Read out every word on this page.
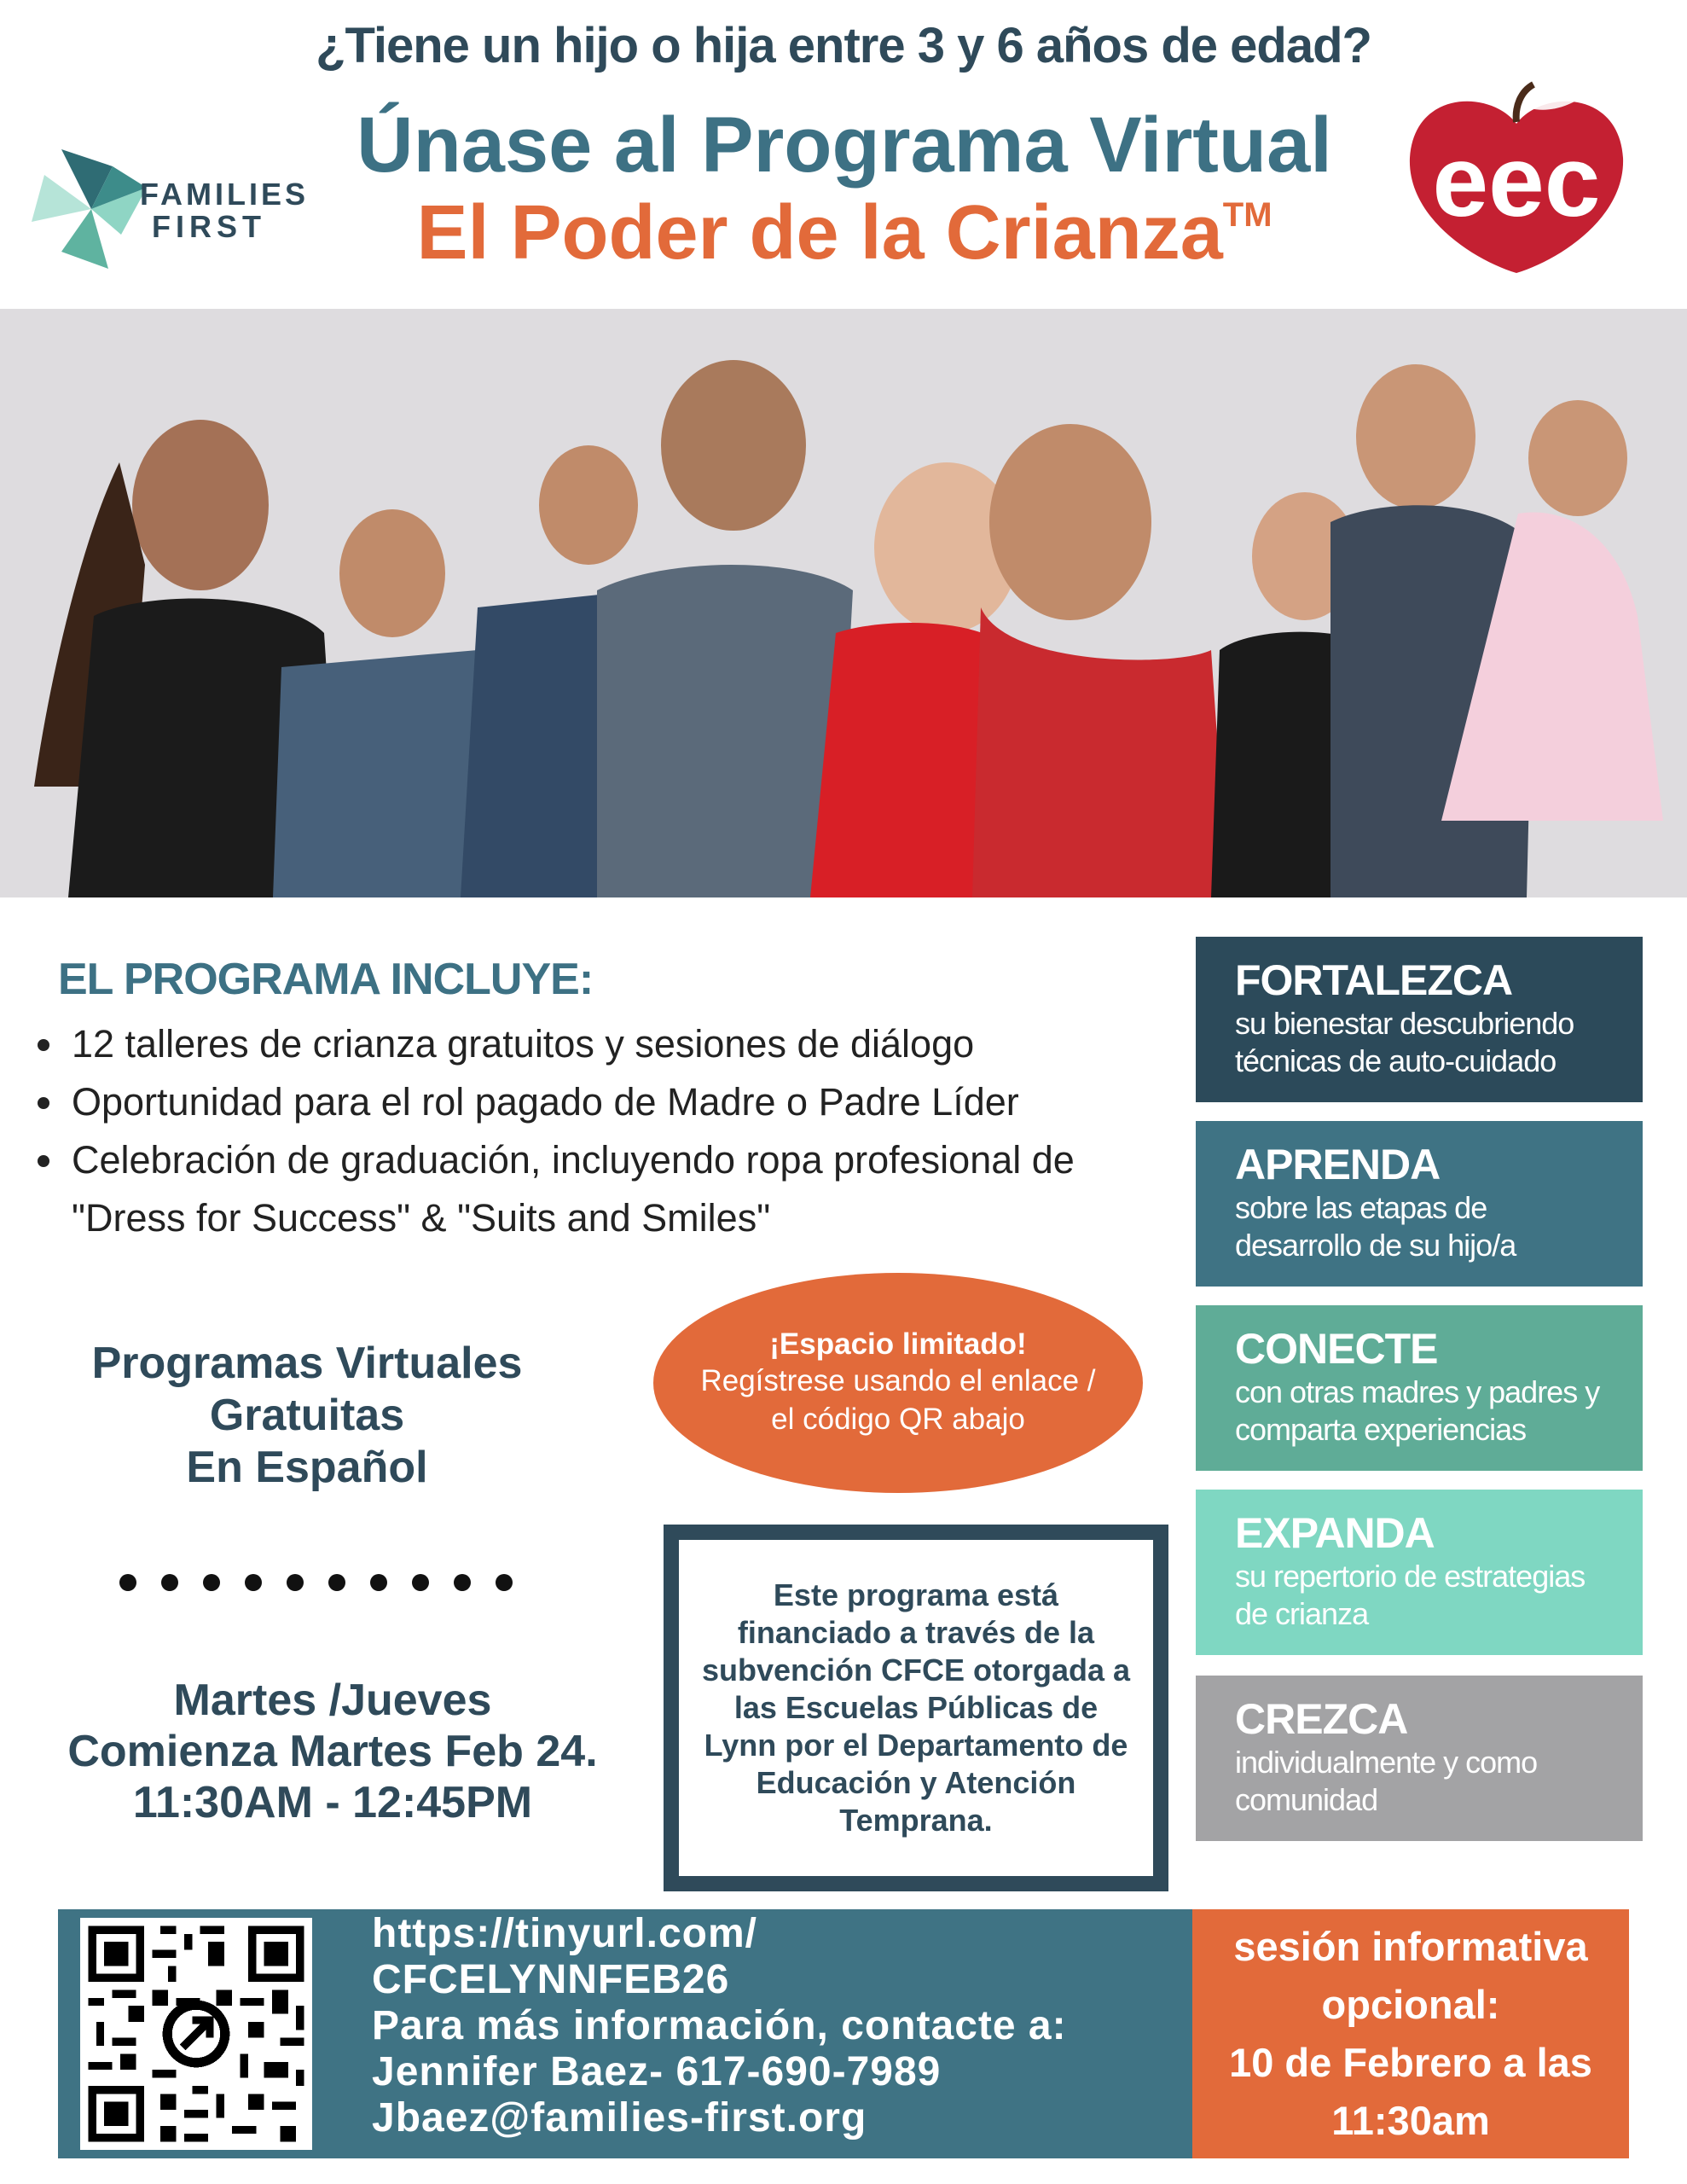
¿Tiene un hijo o hija entre 3 y 6 años de edad?
Únase al Programa Virtual
El Poder de la Crianza™
FAMILIES
FIRST	eec
EL PROGRAMA INCLUYE:
12 talleres de crianza gratuitos y sesiones de diálogo
Oportunidad para el rol pagado de Madre o Padre Líder
Celebración de graduación, incluyendo ropa profesional de "Dress for Success" & "Suits and Smiles"
Programas Virtuales
Gratuitas
En Español
Martes /Jueves
Comienza Martes Feb 24.
11:30AM - 12:45PM
¡Espacio limitado!
Regístrese usando el enlace / el código QR abajo
Este programa está financiado a través de la subvención CFCE otorgada a las Escuelas Públicas de Lynn por el Departamento de Educación y Atención Temprana.
FORTALEZCA
su bienestar descubriendo técnicas de auto-cuidado
APRENDA
sobre las etapas de desarrollo de su hijo/a
CONECTE
con otras madres y padres y comparta experiencias
EXPANDA
su repertorio de estrategias de crianza
CREZCA
individualmente y como comunidad
https://tinyurl.com/
CFCELYNNFEB26
Para más información, contacte a:
Jennifer Baez- 617-690-7989
Jbaez@families-first.org
sesión informativa
opcional:
10 de Febrero a las
11:30am
